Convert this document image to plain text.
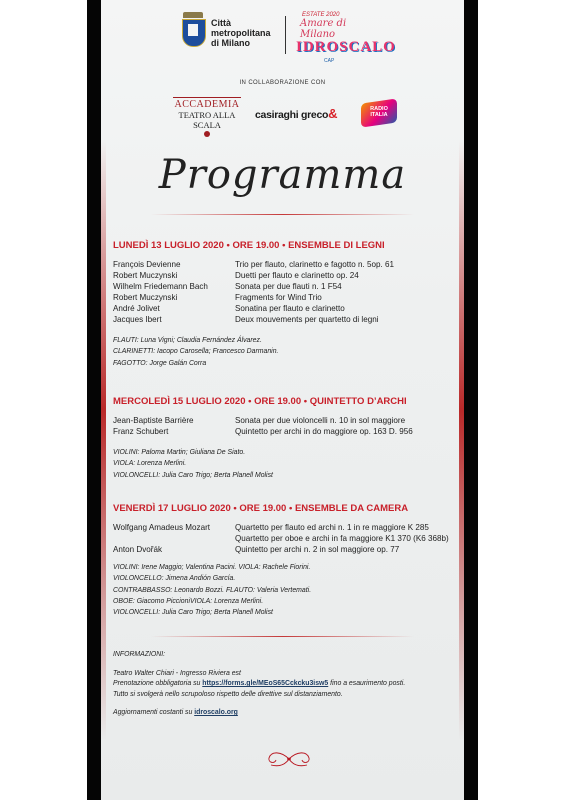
Città metropolitana di Milano
ESTATE 2020
Amare di Milano
IDROSCALO
CAP
IN COLLABORAZIONE CON
ACCADEMIA
TEATRO ALLA SCALA
casiraghi greco&	RADIO ITALIA
Programma
LUNEDÌ 13 LUGLIO 2020 • ORE 19.00 • ENSEMBLE DI LEGNI
François Devienne	Trio per flauto, clarinetto e fagotto n. 5op. 61
Robert Muczynski	Duetti per flauto e clarinetto op. 24
Wilhelm Friedemann Bach	Sonata per due flauti n. 1 F54
Robert Muczynski	Fragments for Wind Trio
André Jolivet	Sonatina per flauto e clarinetto
Jacques Ibert	Deux mouvements per quartetto di legni
FLAUTI: Luna Vigni; Claudia Fernández Álvarez.
CLARINETTI: Iacopo Carosella; Francesco Darmanin.
FAGOTTO: Jorge Galán Corra
MERCOLEDÌ 15 LUGLIO 2020 • ORE 19.00 • QUINTETTO D’ARCHI
Jean-Baptiste Barrière	Sonata per due violoncelli n. 10 in sol maggiore
Franz Schubert	Quintetto per archi in do maggiore op. 163 D. 956
VIOLINI: Paloma Martin; Giuliana De Siato.
VIOLA: Lorenza Merlini.
VIOLONCELLI: Julia Caro Trigo; Berta Planell Molist
VENERDÌ 17 LUGLIO 2020 • ORE 19.00 • ENSEMBLE DA CAMERA
Wolfgang Amadeus Mozart	Quartetto per flauto ed archi n. 1 in re maggiore K 285
Quartetto per oboe e archi in fa maggiore K1 370 (K6 368b)
Anton Dvořák	Quintetto per archi n. 2 in sol maggiore op. 77
VIOLINI: Irene Maggio; Valentina Pacini. VIOLA: Rachele Fiorini.
VIOLONCELLO: Jimena Andión García.
CONTRABBASSO: Leonardo Bozzi. FLAUTO: Valeria Vertemati.
OBOE: Giacomo PiccioniVIOLA: Lorenza Merlini.
VIOLONCELLI: Julia Caro Trigo; Berta Planell Molist

INFORMAZIONI:

Teatro Walter Chiari - Ingresso Riviera est

Prenotazione obbligatoria su https://forms.gle/MEoS65Cckcku3isw5 fino a esaurimento posti.

Tutto si svolgerà nello scrupoloso rispetto delle direttive sul distanziamento.

Aggiornamenti costanti su idroscalo.org
